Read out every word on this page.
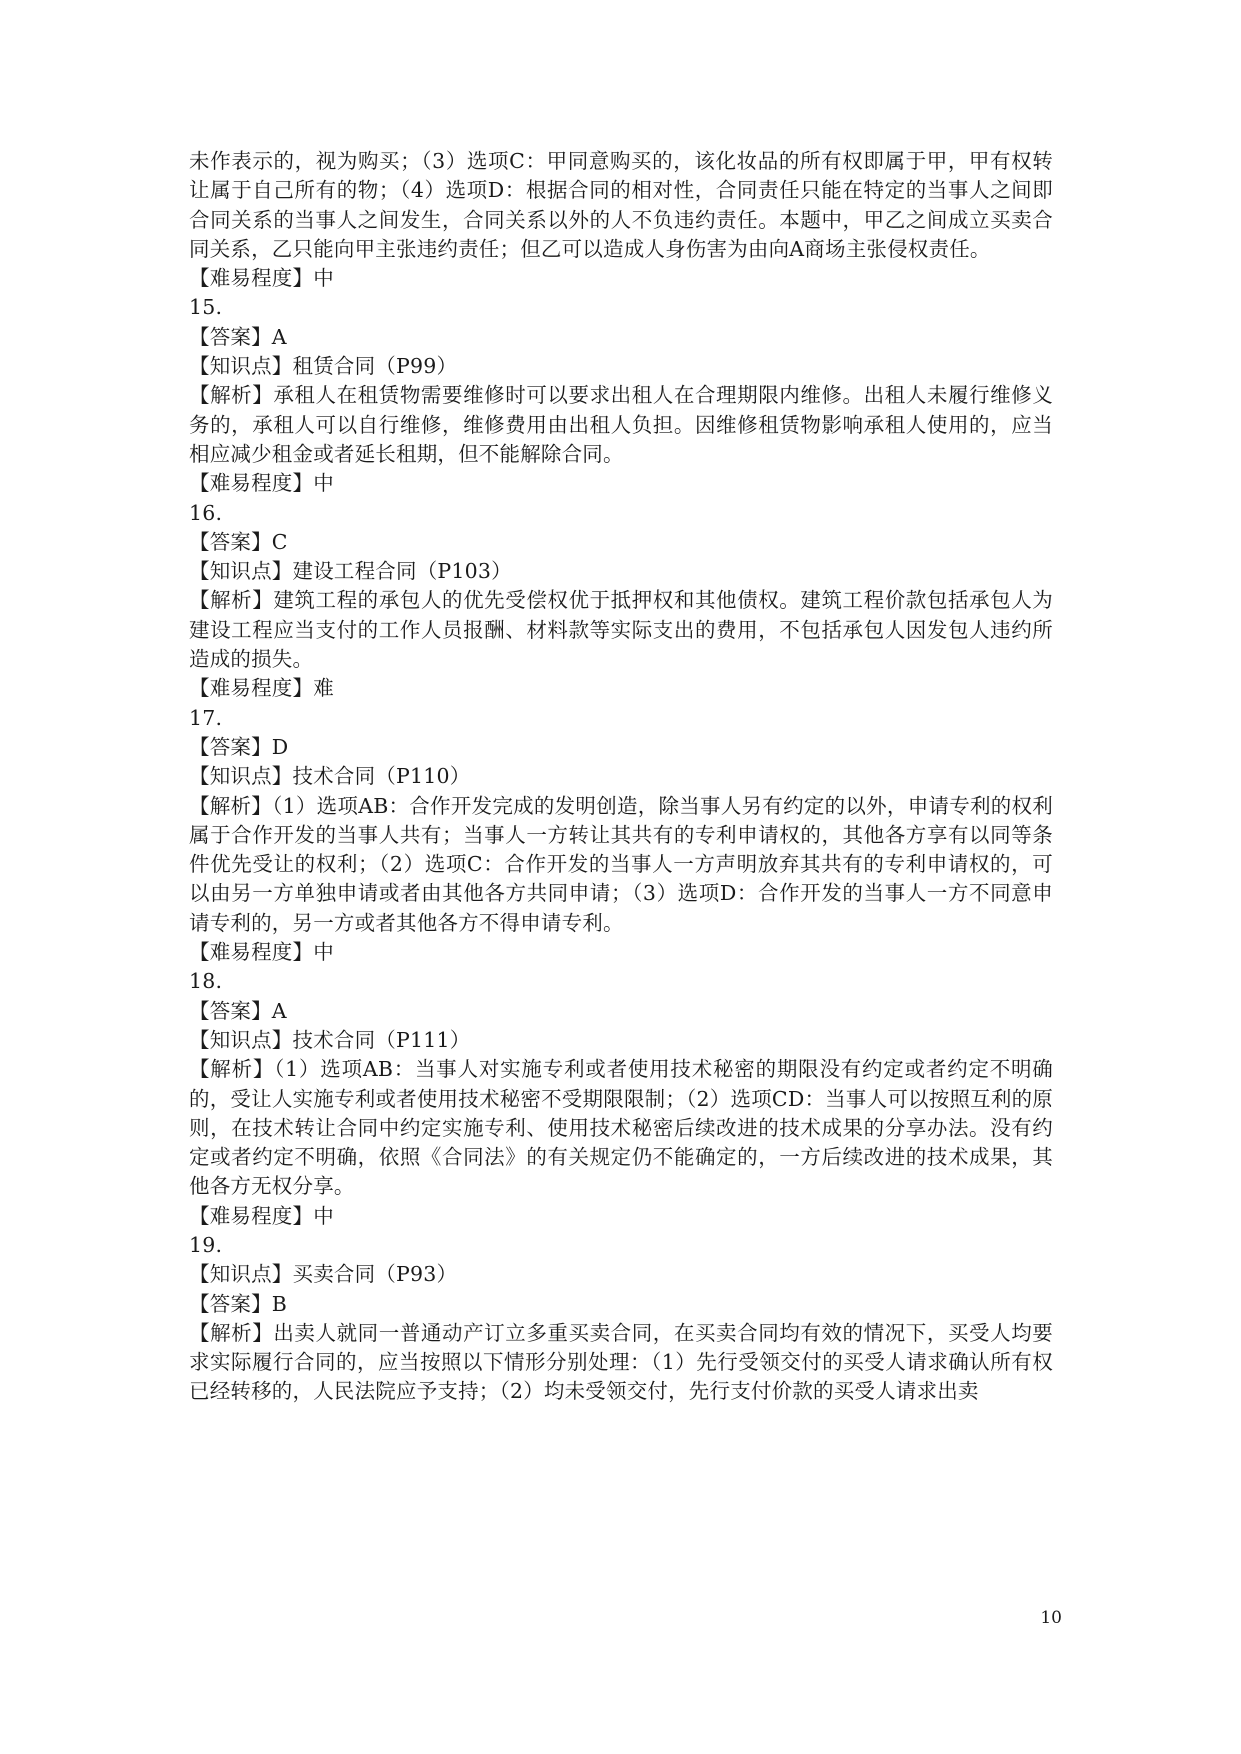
未作表示的，视为购买；（3）选项C：甲同意购买的，该化妆品的所有权即属于甲，甲有权转让属于自己所有的物；（4）选项D：根据合同的相对性，合同责任只能在特定的当事人之间即合同关系的当事人之间发生，合同关系以外的人不负违约责任。本题中，甲乙之间成立买卖合同关系，乙只能向甲主张违约责任；但乙可以造成人身伤害为由向A商场主张侵权责任。

【难易程度】中

15.

【答案】A

【知识点】租赁合同（P99）

【解析】承租人在租赁物需要维修时可以要求出租人在合理期限内维修。出租人未履行维修义务的，承租人可以自行维修，维修费用由出租人负担。因维修租赁物影响承租人使用的，应当相应减少租金或者延长租期，但不能解除合同。

【难易程度】中

16.

【答案】C

【知识点】建设工程合同（P103）

【解析】建筑工程的承包人的优先受偿权优于抵押权和其他债权。建筑工程价款包括承包人为建设工程应当支付的工作人员报酬、材料款等实际支出的费用，不包括承包人因发包人违约所造成的损失。

【难易程度】难

17.

【答案】D

【知识点】技术合同（P110）

【解析】（1）选项AB：合作开发完成的发明创造，除当事人另有约定的以外，申请专利的权利属于合作开发的当事人共有；当事人一方转让其共有的专利申请权的，其他各方享有以同等条件优先受让的权利；（2）选项C：合作开发的当事人一方声明放弃其共有的专利申请权的，可以由另一方单独申请或者由其他各方共同申请；（3）选项D：合作开发的当事人一方不同意申请专利的，另一方或者其他各方不得申请专利。

【难易程度】中

18.

【答案】A

【知识点】技术合同（P111）

【解析】（1）选项AB：当事人对实施专利或者使用技术秘密的期限没有约定或者约定不明确的，受让人实施专利或者使用技术秘密不受期限限制；（2）选项CD：当事人可以按照互利的原则，在技术转让合同中约定实施专利、使用技术秘密后续改进的技术成果的分享办法。没有约定或者约定不明确，依照《合同法》的有关规定仍不能确定的，一方后续改进的技术成果，其他各方无权分享。

【难易程度】中

19.

【知识点】买卖合同（P93）

【答案】B

【解析】出卖人就同一普通动产订立多重买卖合同，在买卖合同均有效的情况下，买受人均要求实际履行合同的，应当按照以下情形分别处理：（1）先行受领交付的买受人请求确认所有权已经转移的，人民法院应予支持；（2）均未受领交付，先行支付价款的买受人请求出卖

10
